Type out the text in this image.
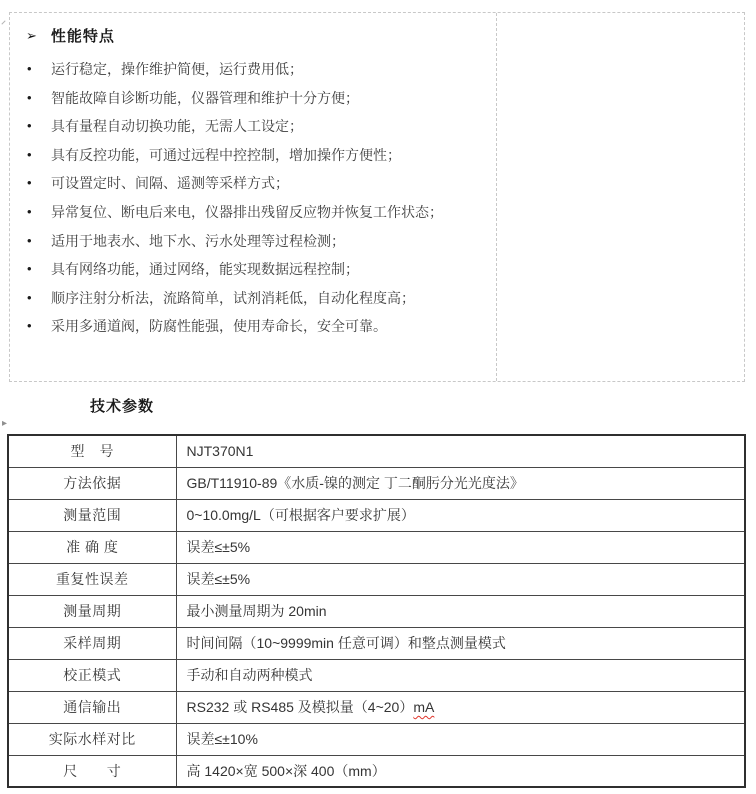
➢ 性能特点
• 运行稳定，操作维护简便，运行费用低；
• 智能故障自诊断功能，仪器管理和维护十分方便；
• 具有量程自动切换功能，无需人工设定；
• 具有反控功能，可通过远程中控控制，增加操作方便性；
• 可设置定时、间隔、遥测等采样方式；
• 异常复位、断电后来电，仪器排出残留反应物并恢复工作状态；
• 适用于地表水、地下水、污水处理等过程检测；
• 具有网络功能，通过网络，能实现数据远程控制；
• 顺序注射分析法，流路简单，试剂消耗低，自动化程度高；
• 采用多通道阀，防腐性能强，使用寿命长，安全可靠。
技术参数
▸
型　号	NJT370N1
方法依据	GB/T11910-89《水质-镍的测定 丁二酮肟分光光度法》
测量范围	0~10.0mg/L（可根据客户要求扩展）
准 确 度	误差≤±5%
重复性误差	误差≤±5%
测量周期	最小测量周期为 20min
采样周期	时间间隔（10~9999min 任意可调）和整点测量模式
校正模式	手动和自动两种模式
通信输出	RS232 或 RS485 及模拟量（4~20）mA
实际水样对比	误差≤±10%
尺　　寸	高 1420×宽 500×深 400（mm）
